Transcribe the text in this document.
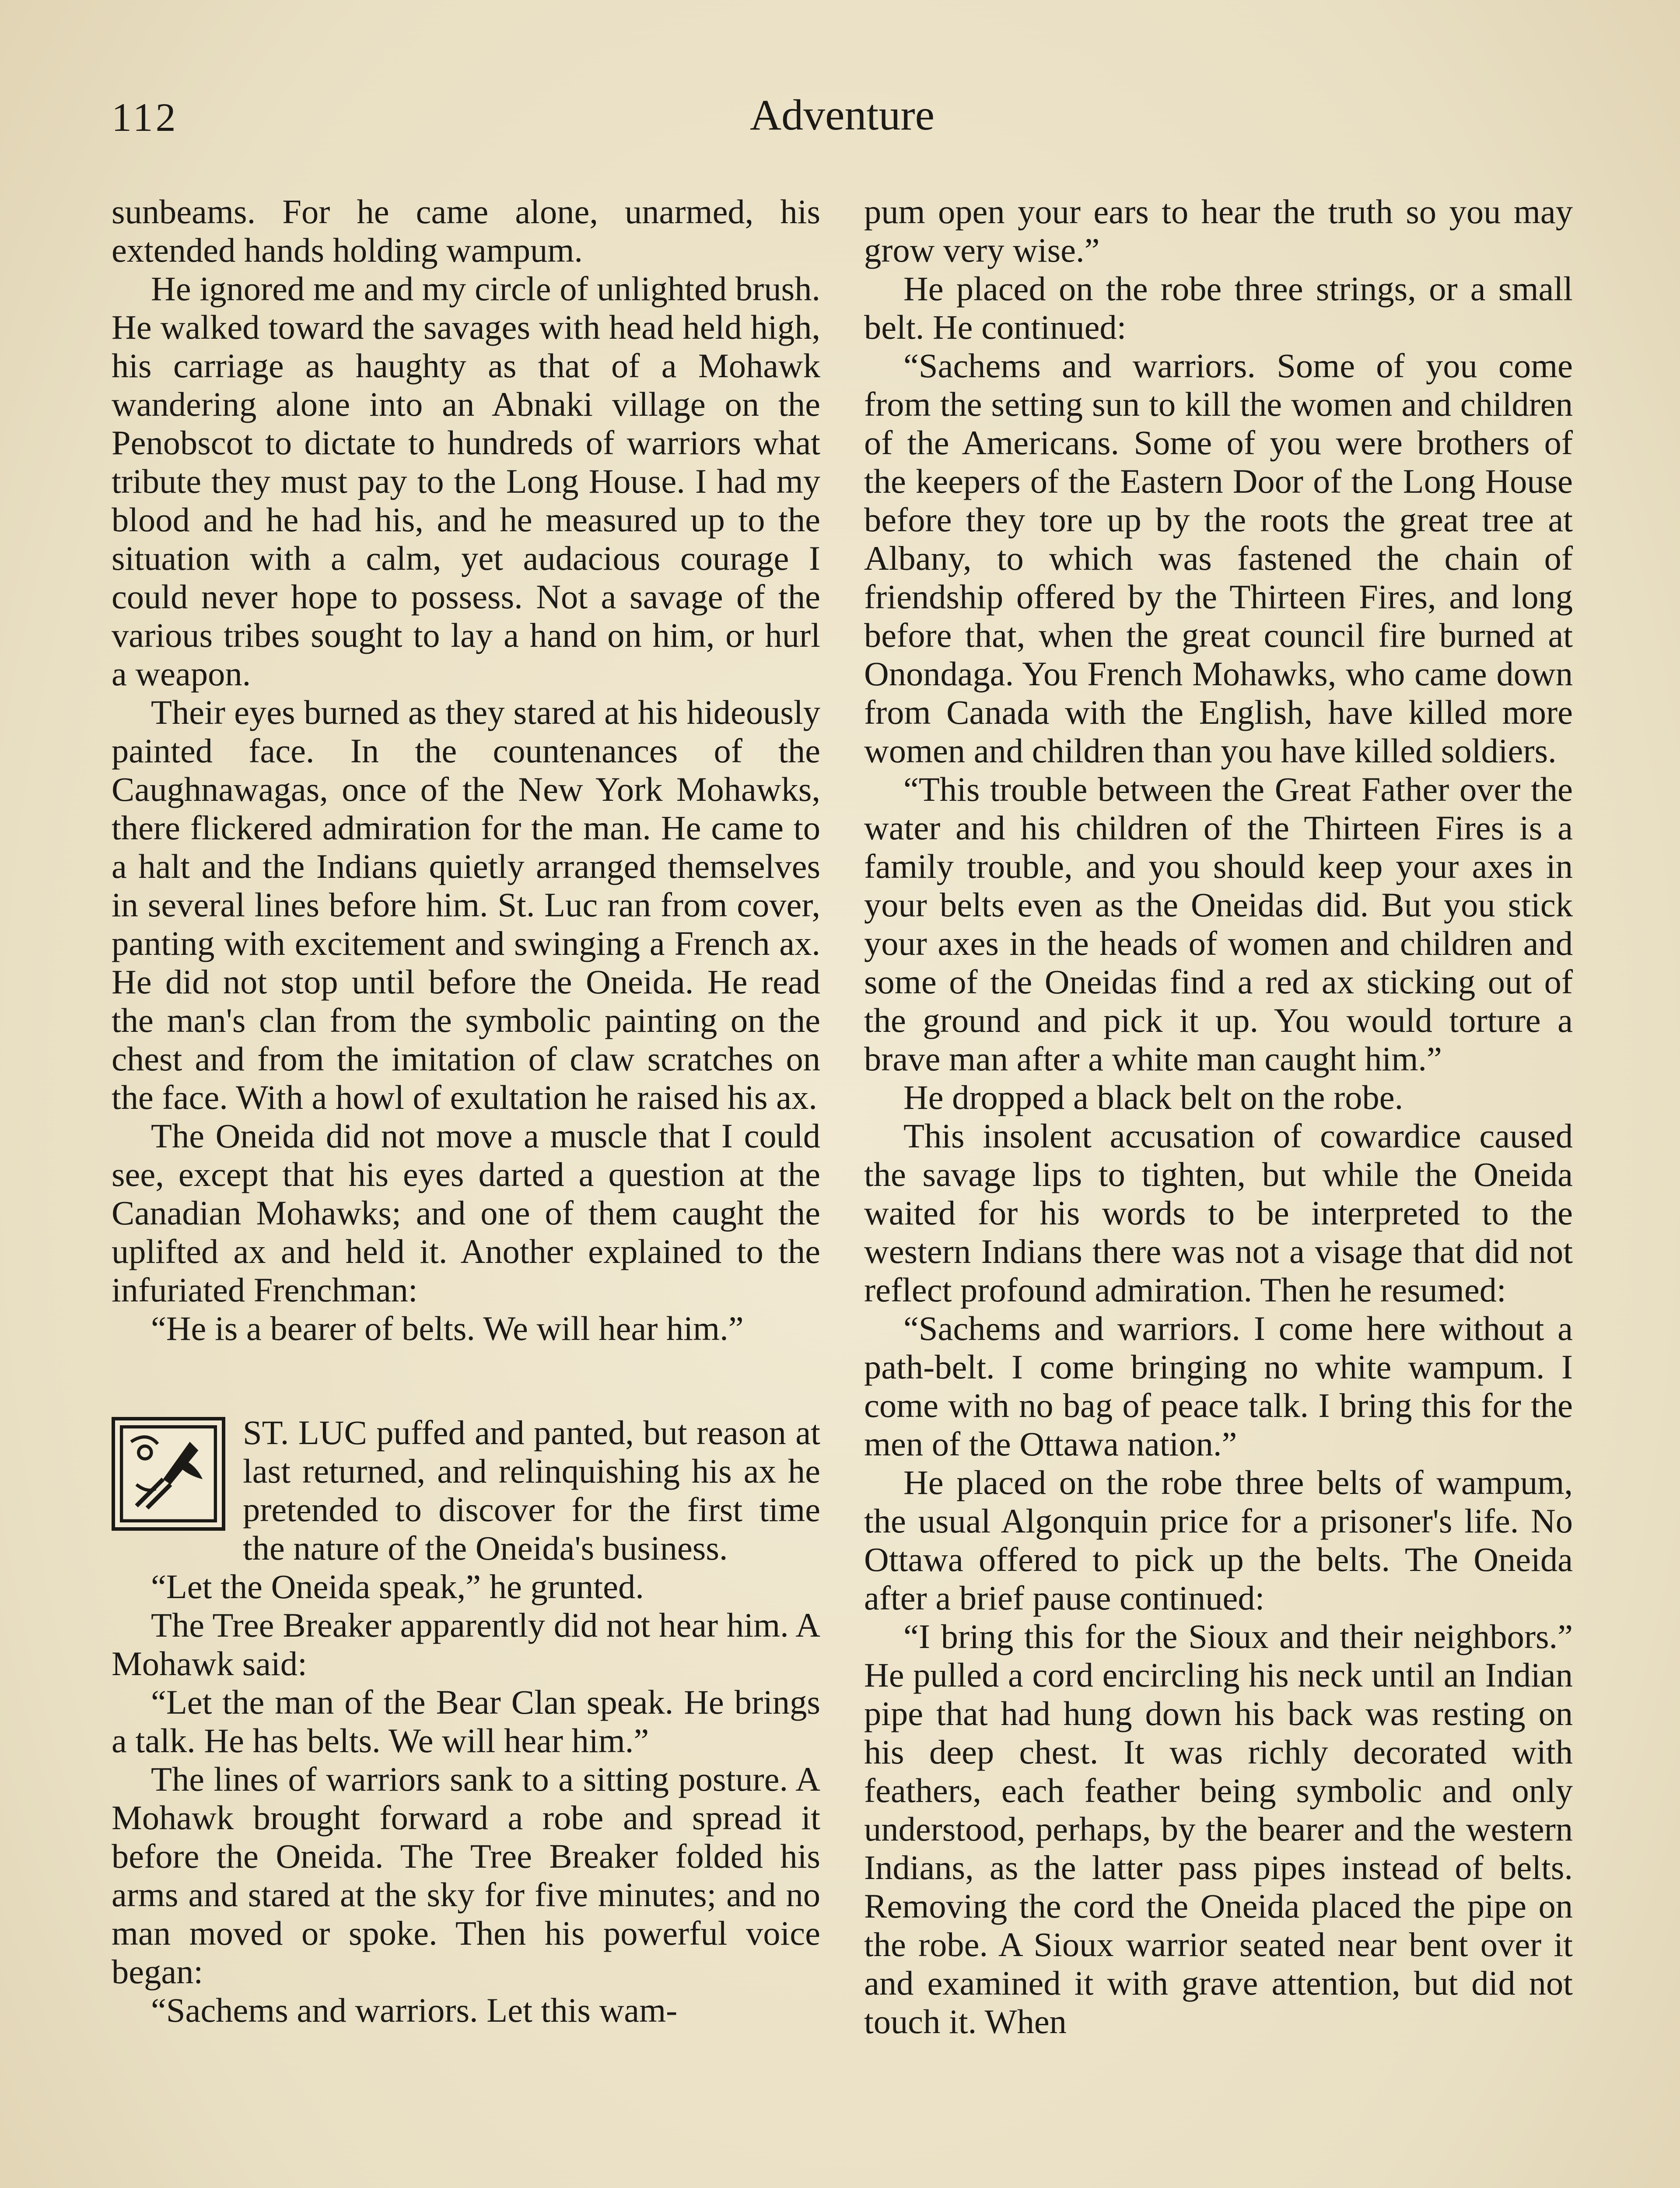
112	Adventure

sunbeams. For he came alone, unarmed, his extended hands holding wampum.

He ignored me and my circle of unlighted brush. He walked toward the savages with head held high, his carriage as haughty as that of a Mohawk wandering alone into an Abnaki village on the Penobscot to dictate to hundreds of warriors what tribute they must pay to the Long House. I had my blood and he had his, and he measured up to the situation with a calm, yet audacious courage I could never hope to possess. Not a savage of the various tribes sought to lay a hand on him, or hurl a weapon.

Their eyes burned as they stared at his hideously painted face. In the countenances of the Caughnawagas, once of the New York Mohawks, there flickered admiration for the man. He came to a halt and the Indians quietly arranged themselves in several lines before him. St. Luc ran from cover, panting with excitement and swinging a French ax. He did not stop until before the Oneida. He read the man's clan from the symbolic painting on the chest and from the imitation of claw scratches on the face. With a howl of exultation he raised his ax.

The Oneida did not move a muscle that I could see, except that his eyes darted a question at the Canadian Mohawks; and one of them caught the uplifted ax and held it. Another explained to the infuriated Frenchman:

“He is a bearer of belts. We will hear him.”

ST. LUC puffed and panted, but reason at last returned, and relinquishing his ax he pretended to discover for the first time the nature of the Oneida's business.

“Let the Oneida speak,” he grunted.

The Tree Breaker apparently did not hear him. A Mohawk said:

“Let the man of the Bear Clan speak. He brings a talk. He has belts. We will hear him.”

The lines of warriors sank to a sitting posture. A Mohawk brought forward a robe and spread it before the Oneida. The Tree Breaker folded his arms and stared at the sky for five minutes; and no man moved or spoke. Then his powerful voice began:

“Sachems and warriors. Let this wam-

pum open your ears to hear the truth so you may grow very wise.”

He placed on the robe three strings, or a small belt. He continued:

“Sachems and warriors. Some of you come from the setting sun to kill the women and children of the Americans. Some of you were brothers of the keepers of the Eastern Door of the Long House before they tore up by the roots the great tree at Albany, to which was fastened the chain of friendship offered by the Thirteen Fires, and long before that, when the great council fire burned at Onondaga. You French Mohawks, who came down from Canada with the English, have killed more women and children than you have killed soldiers.

“This trouble between the Great Father over the water and his children of the Thirteen Fires is a family trouble, and you should keep your axes in your belts even as the Oneidas did. But you stick your axes in the heads of women and children and some of the Oneidas find a red ax sticking out of the ground and pick it up. You would torture a brave man after a white man caught him.”

He dropped a black belt on the robe.

This insolent accusation of cowardice caused the savage lips to tighten, but while the Oneida waited for his words to be interpreted to the western Indians there was not a visage that did not reflect profound admiration. Then he resumed:

“Sachems and warriors. I come here without a path-belt. I come bringing no white wampum. I come with no bag of peace talk. I bring this for the men of the Ottawa nation.”

He placed on the robe three belts of wampum, the usual Algonquin price for a prisoner's life. No Ottawa offered to pick up the belts. The Oneida after a brief pause continued:

“I bring this for the Sioux and their neighbors.” He pulled a cord encircling his neck until an Indian pipe that had hung down his back was resting on his deep chest. It was richly decorated with feathers, each feather being symbolic and only understood, perhaps, by the bearer and the western Indians, as the latter pass pipes instead of belts. Removing the cord the Oneida placed the pipe on the robe. A Sioux warrior seated near bent over it and examined it with grave attention, but did not touch it. When
